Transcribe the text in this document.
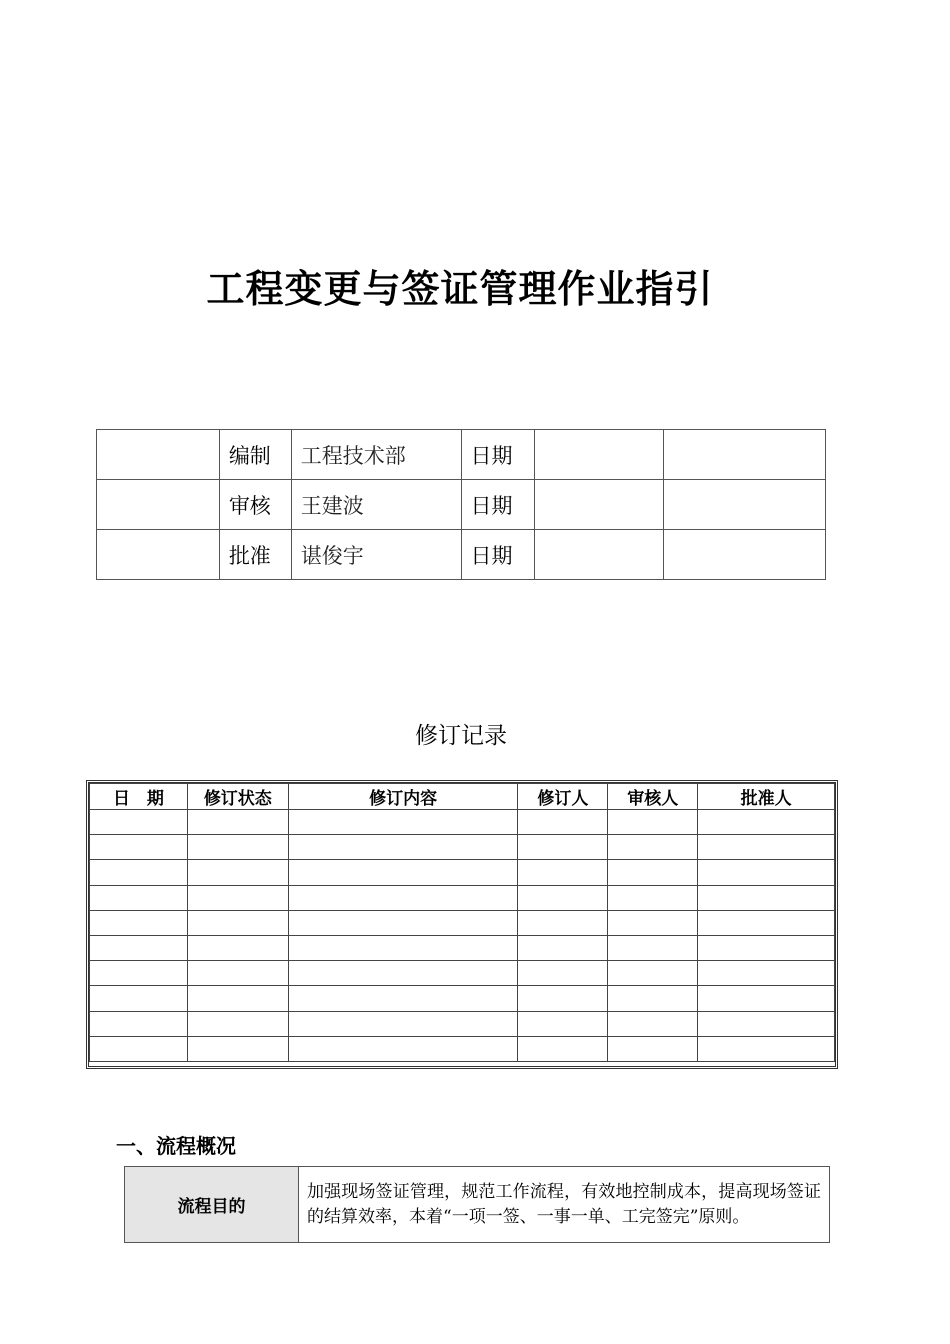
工程变更与签证管理作业指引
	编制	工程技术部	日期		
	审核	王建波	日期		
	批准	谌俊宇	日期		
修订记录
日　期	修订状态	修订内容	修订人	审核人	批准人

一、流程概况
流程目的	加强现场签证管理，规范工作流程，有效地控制成本，提高现场签证的结算效率，本着“一项一签、一事一单、工完签完”原则。
